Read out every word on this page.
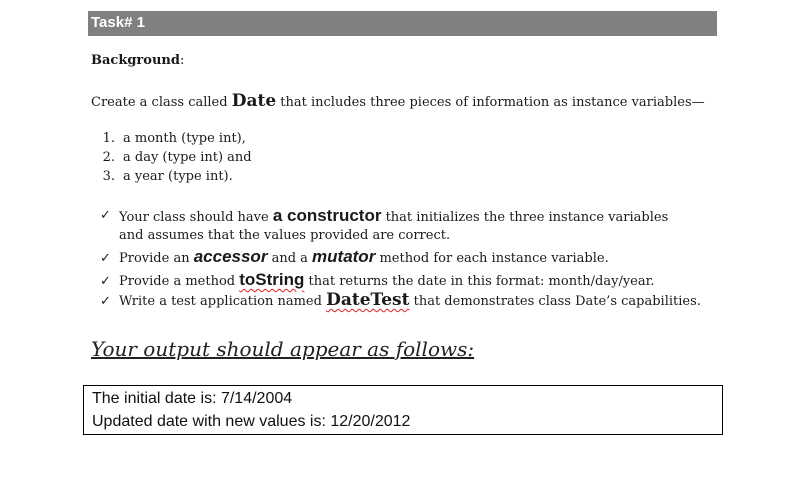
Task# 1
Background:
Create a class called Date that includes three pieces of information as instance variables—
1. a month (type int),
2. a day (type int) and
3. a year (type int).
✓ Your class should have a constructor that initializes the three instance variables
and assumes that the values provided are correct.
✓ Provide an accessor and a mutator method for each instance variable.
✓ Provide a method toString that returns the date in this format: month/day/year.
✓ Write a test application named DateTest that demonstrates class Date’s capabilities.
Your output should appear as follows:
The initial date is: 7/14/2004
Updated date with new values is: 12/20/2012
